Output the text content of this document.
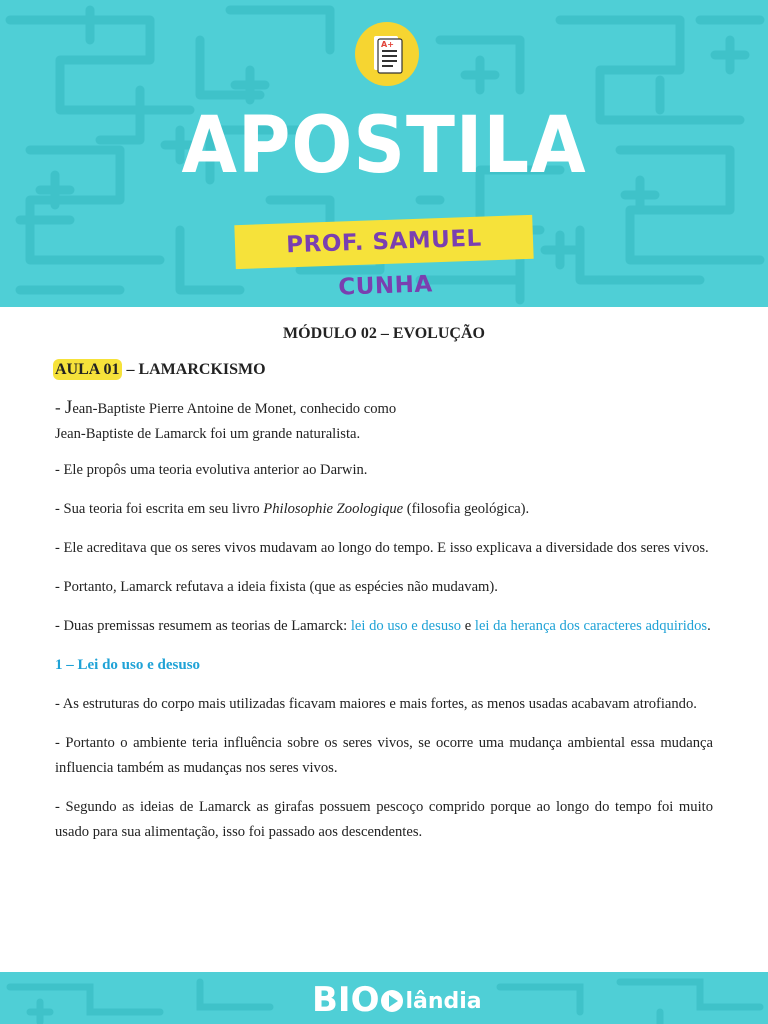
A+
APOSTILA
PROF. SAMUEL CUNHA
MÓDULO 02 – EVOLUÇÃO
AULA 01 – LAMARCKISMO

- Jean-Baptiste Pierre Antoine de Monet, conhecido como
Jean-Baptiste de Lamarck foi um grande naturalista.

- Ele propôs uma teoria evolutiva anterior ao Darwin.

- Sua teoria foi escrita em seu livro Philosophie Zoologique (filosofia geológica).

- Ele acreditava que os seres vivos mudavam ao longo do tempo. E isso explicava a diversidade dos seres vivos.

- Portanto, Lamarck refutava a ideia fixista (que as espécies não mudavam).

- Duas premissas resumem as teorias de Lamarck: lei do uso e desuso e lei da herança dos caracteres adquiridos.

1 – Lei do uso e desuso

- As estruturas do corpo mais utilizadas ficavam maiores e mais fortes, as menos usadas acabavam atrofiando.

- Portanto o ambiente teria influência sobre os seres vivos, se ocorre uma mudança ambiental essa mudança influencia também as mudanças nos seres vivos.

- Segundo as ideias de Lamarck as girafas possuem pescoço comprido porque ao longo do tempo foi muito usado para sua alimentação, isso foi passado aos descendentes.

BIO lândia
